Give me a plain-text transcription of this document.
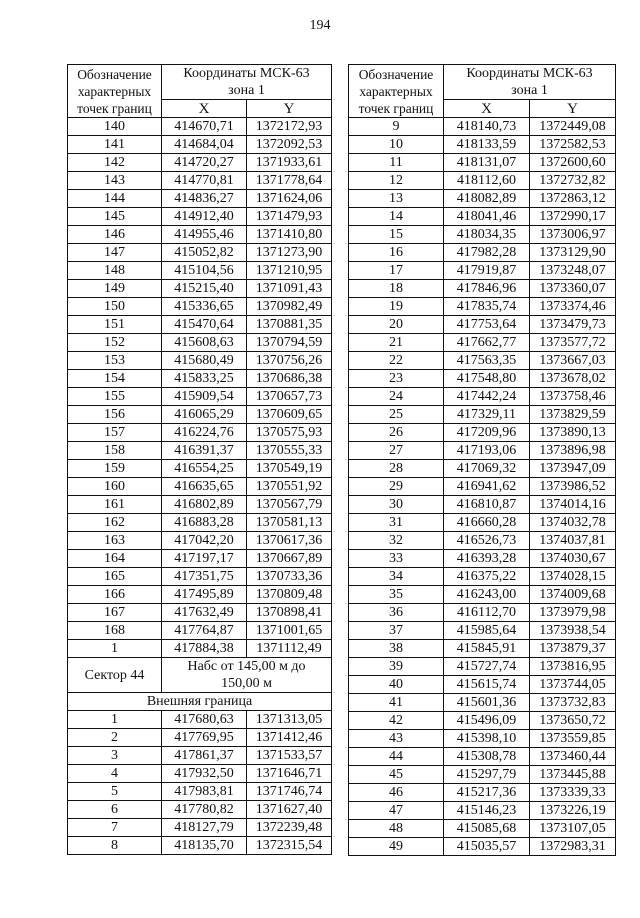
194
Обозначение
характерных
точек границ	Координаты МСК-63
зона 1	
	X	Y
140	414670,71	1372172,93
141	414684,04	1372092,53
142	414720,27	1371933,61
143	414770,81	1371778,64
144	414836,27	1371624,06
145	414912,40	1371479,93
146	414955,46	1371410,80
147	415052,82	1371273,90
148	415104,56	1371210,95
149	415215,40	1371091,43
150	415336,65	1370982,49
151	415470,64	1370881,35
152	415608,63	1370794,59
153	415680,49	1370756,26
154	415833,25	1370686,38
155	415909,54	1370657,73
156	416065,29	1370609,65
157	416224,76	1370575,93
158	416391,37	1370555,33
159	416554,25	1370549,19
160	416635,65	1370551,92
161	416802,89	1370567,79
162	416883,28	1370581,13
163	417042,20	1370617,36
164	417197,17	1370667,89
165	417351,75	1370733,36
166	417495,89	1370809,48
167	417632,49	1370898,41
168	417764,87	1371001,65
1	417884,38	1371112,49
Сектор 44	Набс от 145,00 м до
150,00 м	
Внешняя граница		
1	417680,63	1371313,05
2	417769,95	1371412,46
3	417861,37	1371533,57
4	417932,50	1371646,71
5	417983,81	1371746,74
6	417780,82	1371627,40
7	418127,79	1372239,48
8	418135,70	1372315,54
Обозначение
характерных
точек границ	Координаты МСК-63
зона 1	
	X	Y
9	418140,73	1372449,08
10	418133,59	1372582,53
11	418131,07	1372600,60
12	418112,60	1372732,82
13	418082,89	1372863,12
14	418041,46	1372990,17
15	418034,35	1373006,97
16	417982,28	1373129,90
17	417919,87	1373248,07
18	417846,96	1373360,07
19	417835,74	1373374,46
20	417753,64	1373479,73
21	417662,77	1373577,72
22	417563,35	1373667,03
23	417548,80	1373678,02
24	417442,24	1373758,46
25	417329,11	1373829,59
26	417209,96	1373890,13
27	417193,06	1373896,98
28	417069,32	1373947,09
29	416941,62	1373986,52
30	416810,87	1374014,16
31	416660,28	1374032,78
32	416526,73	1374037,81
33	416393,28	1374030,67
34	416375,22	1374028,15
35	416243,00	1374009,68
36	416112,70	1373979,98
37	415985,64	1373938,54
38	415845,91	1373879,37
39	415727,74	1373816,95
40	415615,74	1373744,05
41	415601,36	1373732,83
42	415496,09	1373650,72
43	415398,10	1373559,85
44	415308,78	1373460,44
45	415297,79	1373445,88
46	415217,36	1373339,33
47	415146,23	1373226,19
48	415085,68	1373107,05
49	415035,57	1372983,31
